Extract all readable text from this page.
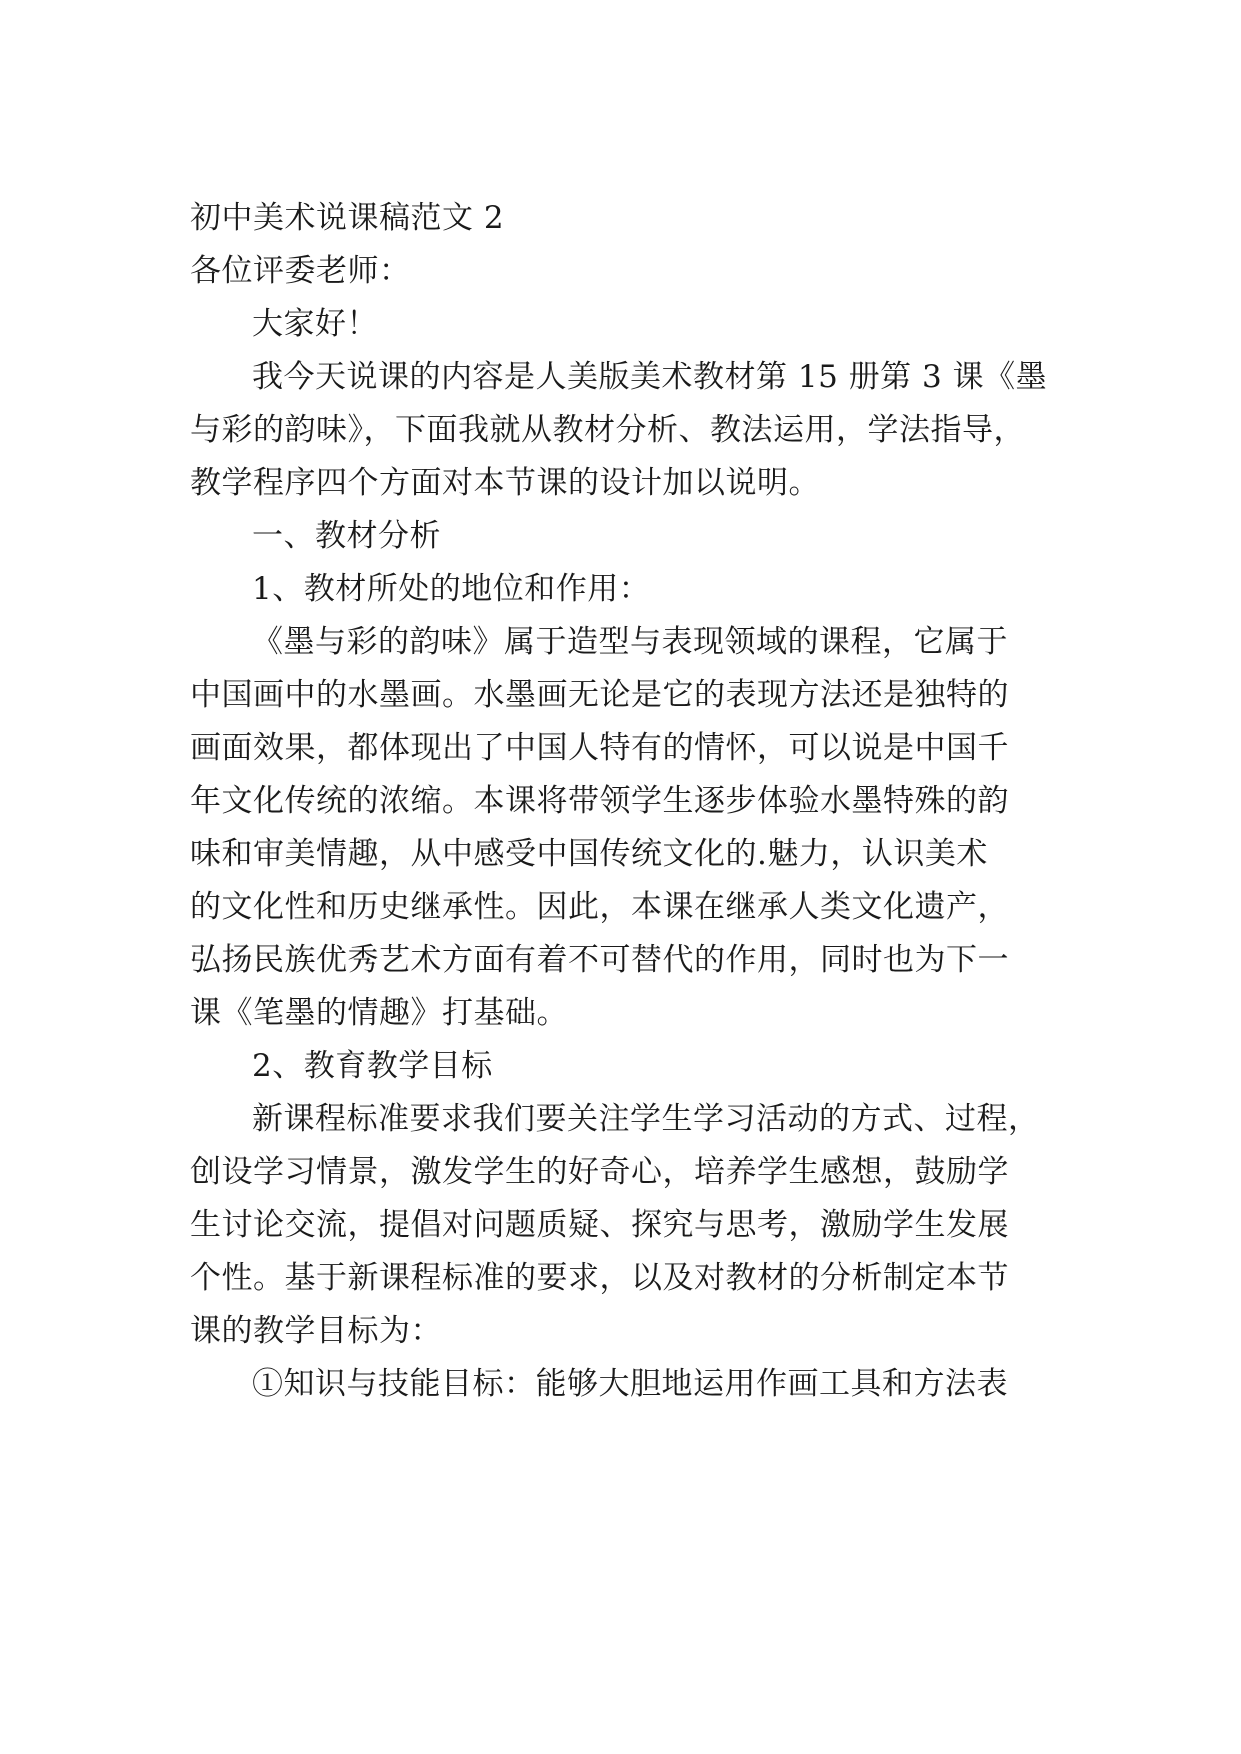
初中美术说课稿范文 2
各位评委老师：
大家好！
我今天说课的内容是人美版美术教材第 15 册第 3 课《墨
与彩的韵味》，下面我就从教材分析、教法运用，学法指导，
教学程序四个方面对本节课的设计加以说明。
一、教材分析
1、教材所处的地位和作用：
《墨与彩的韵味》属于造型与表现领域的课程，它属于
中国画中的水墨画。水墨画无论是它的表现方法还是独特的
画面效果，都体现出了中国人特有的情怀，可以说是中国千
年文化传统的浓缩。本课将带领学生逐步体验水墨特殊的韵
味和审美情趣，从中感受中国传统文化的.魅力，认识美术
的文化性和历史继承性。因此，本课在继承人类文化遗产，
弘扬民族优秀艺术方面有着不可替代的作用，同时也为下一
课《笔墨的情趣》打基础。
2、教育教学目标
新课程标准要求我们要关注学生学习活动的方式、过程，
创设学习情景，激发学生的好奇心，培养学生感想，鼓励学
生讨论交流，提倡对问题质疑、探究与思考，激励学生发展
个性。基于新课程标准的要求，以及对教材的分析制定本节
课的教学目标为：
①知识与技能目标：能够大胆地运用作画工具和方法表
